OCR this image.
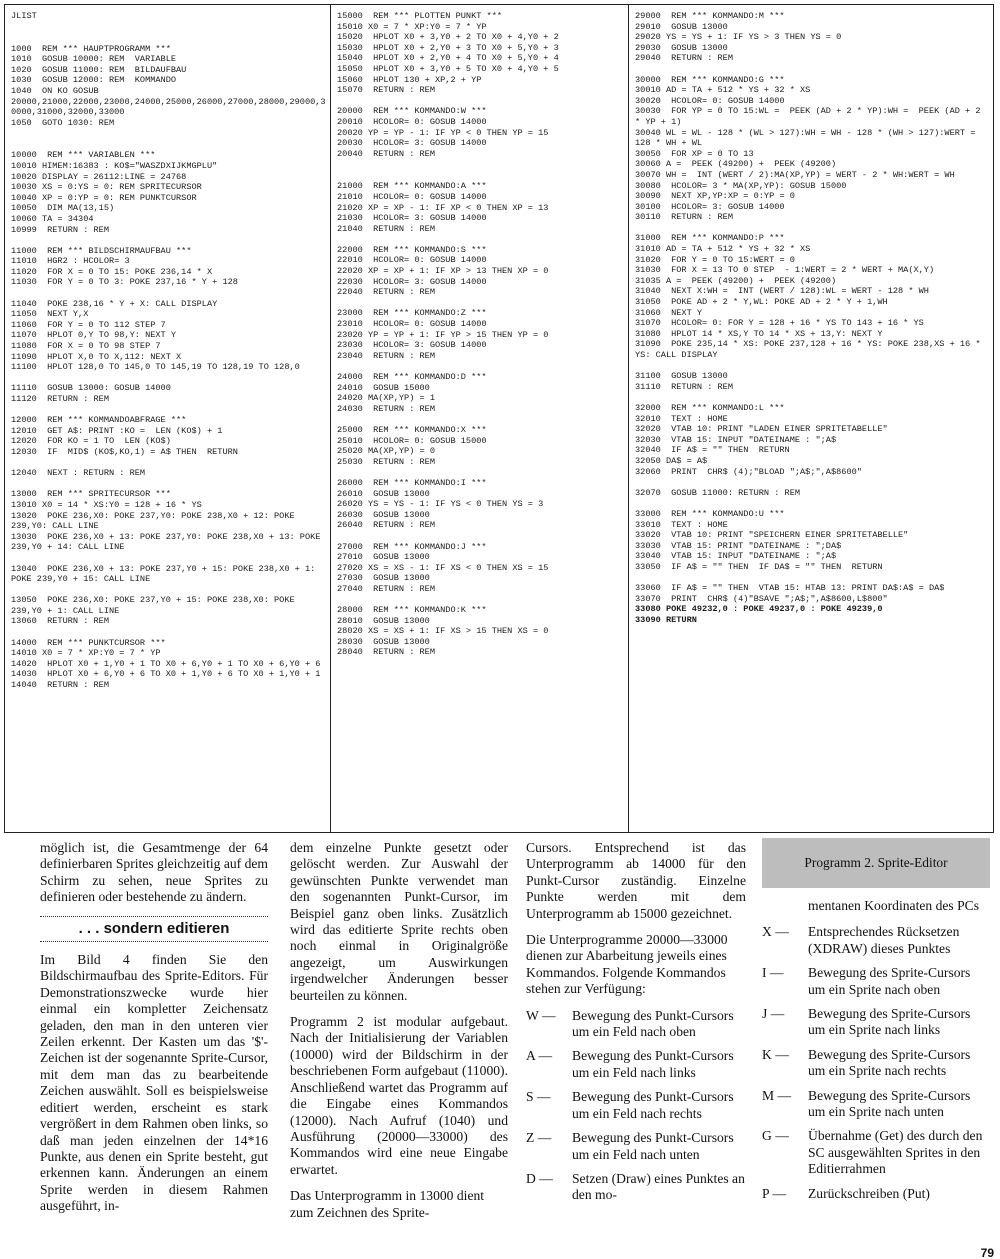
JLIST
1000  REM *** HAUPTPROGRAMM ***
1010  GOSUB 10000: REM  VARIABLE
1020  GOSUB 11000: REM  BILDAUFBAU
1030  GOSUB 12000: REM  KOMMANDO
1040  ON KO GOSUB 20000,21000,22000,23000,24000,25000,26000,27000,28000,29000,30000,31000,32000,33000
1050  GOTO 1030: REM
10000  REM *** VARIABLEN ***
10010 HIMEM:16383 : KO$="WASZDXIJKMGPLU"
10020 DISPLAY = 26112:LINE = 24768
10030 XS = 0:YS = 0: REM SPRITECURSOR
10040 XP = 0:YP = 0: REM PUNKTCURSOR
10050  DIM MA(13,15)
10060 TA = 34304
10999  RETURN : REM
11000  REM *** BILDSCHIRMAUFBAU ***
11010  HGR2 : HCOLOR= 3
11020  FOR X = 0 TO 15: POKE 236,14 * X
11030  FOR Y = 0 TO 3: POKE 237,16 * Y + 128
11040  POKE 238,16 * Y + X: CALL DISPLAY
11050  NEXT Y,X
11060  FOR Y = 0 TO 112 STEP 7
11070  HPLOT 0,Y TO 98,Y: NEXT Y
11080  FOR X = 0 TO 98 STEP 7
11090  HPLOT X,0 TO X,112: NEXT X
11100  HPLOT 128,0 TO 145,0 TO 145,19 TO 128,19 TO 128,0
11110  GOSUB 13000: GOSUB 14000
11120  RETURN : REM
12000  REM *** KOMMANDOABFRAGE ***
12010  GET A$: PRINT :KO =  LEN (KO$) + 1
12020  FOR KO = 1 TO  LEN (KO$)
12030  IF  MID$ (KO$,KO,1) = A$ THEN  RETURN
12040  NEXT : RETURN : REM
13000  REM *** SPRITECURSOR ***
13010 X0 = 14 * XS:Y0 = 128 + 16 * YS
13020  POKE 236,X0: POKE 237,Y0: POKE 238,X0 + 12: POKE 239,Y0: CALL LINE
13030  POKE 236,X0 + 13: POKE 237,Y0: POKE 238,X0 + 13: POKE 239,Y0 + 14: CALL LINE
13040  POKE 236,X0 + 13: POKE 237,Y0 + 15: POKE 238,X0 + 1: POKE 239,Y0 + 15: CALL LINE
13050  POKE 236,X0: POKE 237,Y0 + 15: POKE 238,X0: POKE 239,Y0 + 1: CALL LINE
13060  RETURN : REM
14000  REM *** PUNKTCURSOR ***
14010 X0 = 7 * XP:Y0 = 7 * YP
14020  HPLOT X0 + 1,Y0 + 1 TO X0 + 6,Y0 + 1 TO X0 + 6,Y0 + 6
14030  HPLOT X0 + 6,Y0 + 6 TO X0 + 1,Y0 + 6 TO X0 + 1,Y0 + 1
14040  RETURN : REM
15000  REM *** PLOTTEN PUNKT ***
15010 X0 = 7 * XP:Y0 = 7 * YP
15020  HPLOT X0 + 3,Y0 + 2 TO X0 + 4,Y0 + 2
15030  HPLOT X0 + 2,Y0 + 3 TO X0 + 5,Y0 + 3
15040  HPLOT X0 + 2,Y0 + 4 TO X0 + 5,Y0 + 4
15050  HPLOT X0 + 3,Y0 + 5 TO X0 + 4,Y0 + 5
15060  HPLOT 130 + XP,2 + YP
15070  RETURN : REM
20000  REM *** KOMMANDO:W ***
20010  HCOLOR= 0: GOSUB 14000
20020 YP = YP - 1: IF YP < 0 THEN YP = 15
20030  HCOLOR= 3: GOSUB 14000
20040  RETURN : REM
21000  REM *** KOMMANDO:A ***
21010  HCOLOR= 0: GOSUB 14000
21020 XP = XP - 1: IF XP < 0 THEN XP = 13
21030  HCOLOR= 3: GOSUB 14000
21040  RETURN : REM
22000  REM *** KOMMANDO:S ***
22010  HCOLOR= 0: GOSUB 14000
22020 XP = XP + 1: IF XP > 13 THEN XP = 0
22030  HCOLOR= 3: GOSUB 14000
22040  RETURN : REM
23000  REM *** KOMMANDO:Z ***
23010  HCOLOR= 0: GOSUB 14000
23020 YP = YP + 1: IF YP > 15 THEN YP = 0
23030  HCOLOR= 3: GOSUB 14000
23040  RETURN : REM
24000  REM *** KOMMANDO:D ***
24010  GOSUB 15000
24020 MA(XP,YP) = 1
24030  RETURN : REM
25000  REM *** KOMMANDO:X ***
25010  HCOLOR= 0: GOSUB 15000
25020 MA(XP,YP) = 0
25030  RETURN : REM
26000  REM *** KOMMANDO:I ***
26010  GOSUB 13000
26020 YS = YS - 1: IF YS < 0 THEN YS = 3
26030  GOSUB 13000
26040  RETURN : REM
27000  REM *** KOMMANDO:J ***
27010  GOSUB 13000
27020 XS = XS - 1: IF XS < 0 THEN XS = 15
27030  GOSUB 13000
27040  RETURN : REM
28000  REM *** KOMMANDO:K ***
28010  GOSUB 13000
28020 XS = XS + 1: IF XS > 15 THEN XS = 0
28030  GOSUB 13000
28040  RETURN : REM
29000  REM *** KOMMANDO:M ***
29010  GOSUB 13000
29020 YS = YS + 1: IF YS > 3 THEN YS = 0
29030  GOSUB 13000
29040  RETURN : REM
30000  REM *** KOMMANDO:G ***
30010 AD = TA + 512 * YS + 32 * XS
30020  HCOLOR= 0: GOSUB 14000
30030  FOR YP = 0 TO 15:WL =  PEEK (AD + 2 * YP):WH =  PEEK (AD + 2 * YP + 1)
30040 WL = WL - 128 * (WL > 127):WH = WH - 128 * (WH > 127):WERT = 128 * WH + WL
30050  FOR XP = 0 TO 13
30060 A =  PEEK (49200) +  PEEK (49200)
30070 WH =  INT (WERT / 2):MA(XP,YP) = WERT - 2 * WH:WERT = WH
30080  HCOLOR= 3 * MA(XP,YP): GOSUB 15000
30090  NEXT XP,YP:XP = 0:YP = 0
30100  HCOLOR= 3: GOSUB 14000
30110  RETURN : REM
31000  REM *** KOMMANDO:P ***
31010 AD = TA + 512 * YS + 32 * XS
31020  FOR Y = 0 TO 15:WERT = 0
31030  FOR X = 13 TO 0 STEP  - 1:WERT = 2 * WERT + MA(X,Y)
31035 A =  PEEK (49200) +  PEEK (49200)
31040  NEXT X:WH =  INT (WERT / 128):WL = WERT - 128 * WH
31050  POKE AD + 2 * Y,WL: POKE AD + 2 * Y + 1,WH
31060  NEXT Y
31070  HCOLOR= 0: FOR Y = 128 + 16 * YS TO 143 + 16 * YS
31080  HPLOT 14 * XS,Y TO 14 * XS + 13,Y: NEXT Y
31090  POKE 235,14 * XS: POKE 237,128 + 16 * YS: POKE 238,XS + 16 * YS: CALL DISPLAY
31100  GOSUB 13000
31110  RETURN : REM
32000  REM *** KOMMANDO:L ***
32010  TEXT : HOME
32020  VTAB 10: PRINT "LADEN EINER SPRITETABELLE"
32030  VTAB 15: INPUT "DATEINAME : ";A$
32040  IF A$ = "" THEN  RETURN
32050 DA$ = A$
32060  PRINT  CHR$ (4);"BLOAD ";A$;",A$8600"
32070  GOSUB 11000: RETURN : REM
33000  REM *** KOMMANDO:U ***
33010  TEXT : HOME
33020  VTAB 10: PRINT "SPEICHERN EINER SPRITETABELLE"
33030  VTAB 15: PRINT "DATEINAME : ";DA$
33040  VTAB 15: INPUT "DATEINAME : ";A$
33050  IF A$ = "" THEN  IF DA$ = "" THEN  RETURN
33060  IF A$ = "" THEN  VTAB 15: HTAB 13: PRINT DA$:A$ = DA$
33070  PRINT  CHR$ (4)"BSAVE ";A$;",A$8600,L$800"
33080 POKE 49232,0 : POKE 49237,0 : POKE 49239,0
33090 RETURN

möglich ist, die Gesamtmenge der 64 definierbaren Sprites gleichzeitig auf dem Schirm zu sehen, neue Sprites zu definieren oder bestehende zu ändern.

. . . sondern editieren

Im Bild 4 finden Sie den Bildschirmaufbau des Sprite-Editors. Für Demonstrationszwecke wurde hier einmal ein kompletter Zeichensatz geladen, den man in den unteren vier Zeilen erkennt. Der Kasten um das '$'-Zeichen ist der sogenannte Sprite-Cursor, mit dem man das zu bearbeitende Zeichen auswählt. Soll es beispielsweise editiert werden, erscheint es stark vergrößert in dem Rahmen oben links, so daß man jeden einzelnen der 14*16 Punkte, aus denen ein Sprite besteht, gut erkennen kann. Änderungen an einem Sprite werden in diesem Rahmen ausgeführt, in-

dem einzelne Punkte gesetzt oder gelöscht werden. Zur Auswahl der gewünschten Punkte verwendet man den sogenannten Punkt-Cursor, im Beispiel ganz oben links. Zusätzlich wird das editierte Sprite rechts oben noch einmal in Originalgröße angezeigt, um Auswirkungen irgendwelcher Änderungen besser beurteilen zu können.

Programm 2 ist modular aufgebaut. Nach der Initialisierung der Variablen (10000) wird der Bildschirm in der beschriebenen Form aufgebaut (11000). Anschließend wartet das Programm auf die Eingabe eines Kommandos (12000). Nach Aufruf (1040) und Ausführung (20000—33000) des Kommandos wird eine neue Eingabe erwartet.

Das Unterprogramm in 13000 dient zum Zeichnen des Sprite-

Cursors. Entsprechend ist das Unterprogramm ab 14000 für den Punkt-Cursor zuständig. Einzelne Punkte werden mit dem Unterprogramm ab 15000 gezeichnet.

Die Unterprogramme 20000—33000 dienen zur Abarbeitung jeweils eines Kommandos. Folgende Kommandos stehen zur Verfügung:

W —	Bewegung des Punkt-Cursors um ein Feld nach oben
A —	Bewegung des Punkt-Cursors um ein Feld nach links
S —	Bewegung des Punkt-Cursors um ein Feld nach rechts
Z —	Bewegung des Punkt-Cursors um ein Feld nach unten
D —	Setzen (Draw) eines Punktes an den mo-
Programm 2. Sprite-Editor

mentanen Koordinaten des PCs

X —	Entsprechendes Rücksetzen (XDRAW) dieses Punktes
I —	Bewegung des Sprite-Cursors um ein Sprite nach oben
J —	Bewegung des Sprite-Cursors um ein Sprite nach links
K —	Bewegung des Sprite-Cursors um ein Sprite nach rechts
M —	Bewegung des Sprite-Cursors um ein Sprite nach unten
G —	Übernahme (Get) des durch den SC ausgewählten Sprites in den Editierrahmen
P —	Zurückschreiben (Put)
79
